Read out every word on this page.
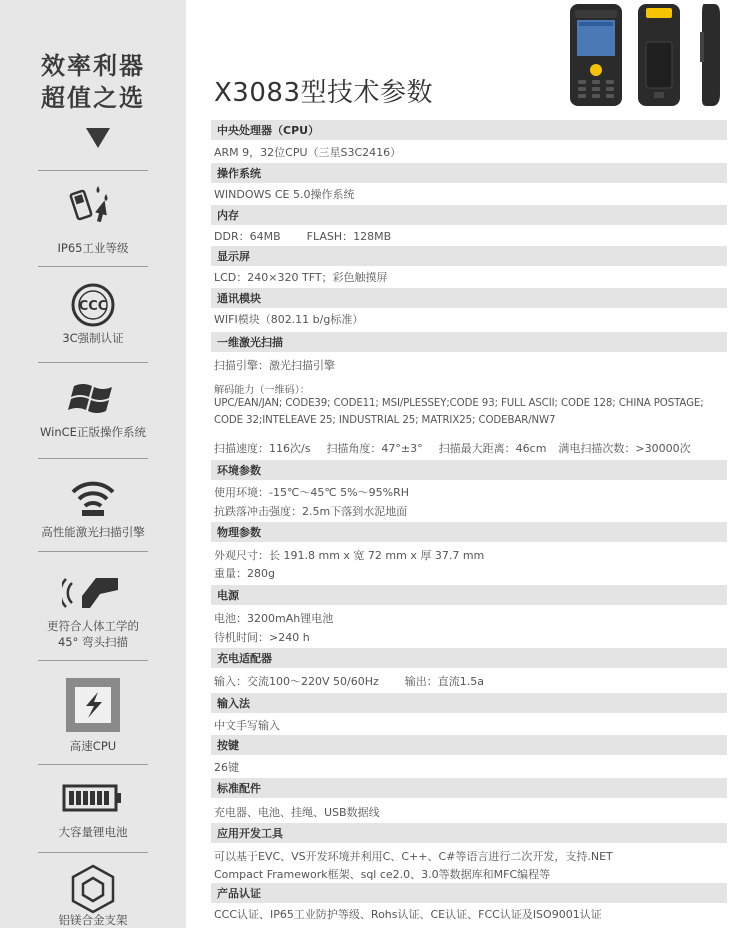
效率利器
超值之选
IP65工业等级
CCC
3C强制认证
WinCE正版操作系统
高性能激光扫描引擎
更符合人体工学的
45° 弯头扫描
高速CPU
大容量锂电池
铝镁合金支架
X3083型技术参数
中央处理器（CPU）
ARM 9，32位CPU（三星S3C2416）
操作系统
WINDOWS CE 5.0操作系统
内存
DDR：64MB FLASH：128MB
显示屏
LCD：240×320 TFT；彩色触摸屏
通讯模块
WIFI模块（802.11 b/g标准）
一维激光扫描
扫描引擎：激光扫描引擎
解码能力（一维码）：
UPC/EAN/JAN; CODE39; CODE11; MSI/PLESSEY;CODE 93; FULL ASCII; CODE 128; CHINA POSTAGE;
CODE 32;INTELEAVE 25; INDUSTRIAL 25; MATRIX25; CODEBAR/NW7
扫描速度：116次/s 扫描角度：47°±3° 扫描最大距离：46cm 满电扫描次数：>30000次
环境参数
使用环境：-15℃～45℃ 5%～95%RH
抗跌落冲击强度：2.5m下落到水泥地面
物理参数
外观尺寸：长 191.8 mm x 宽 72 mm x 厚 37.7 mm
重量：280g
电源
电池：3200mAh锂电池
待机时间：>240 h
充电适配器
输入：交流100～220V 50/60Hz 输出：直流1.5a
输入法
中文手写输入
按键
26键
标准配件
充电器、电池、挂绳、USB数据线
应用开发工具
可以基于EVC、VS开发环境并利用C、C++、C#等语言进行二次开发，支持.NET
Compact Framework框架、sql ce2.0、3.0等数据库和MFC编程等
产品认证
CCC认证、IP65工业防护等级、Rohs认证、CE认证、FCC认证及ISO9001认证
